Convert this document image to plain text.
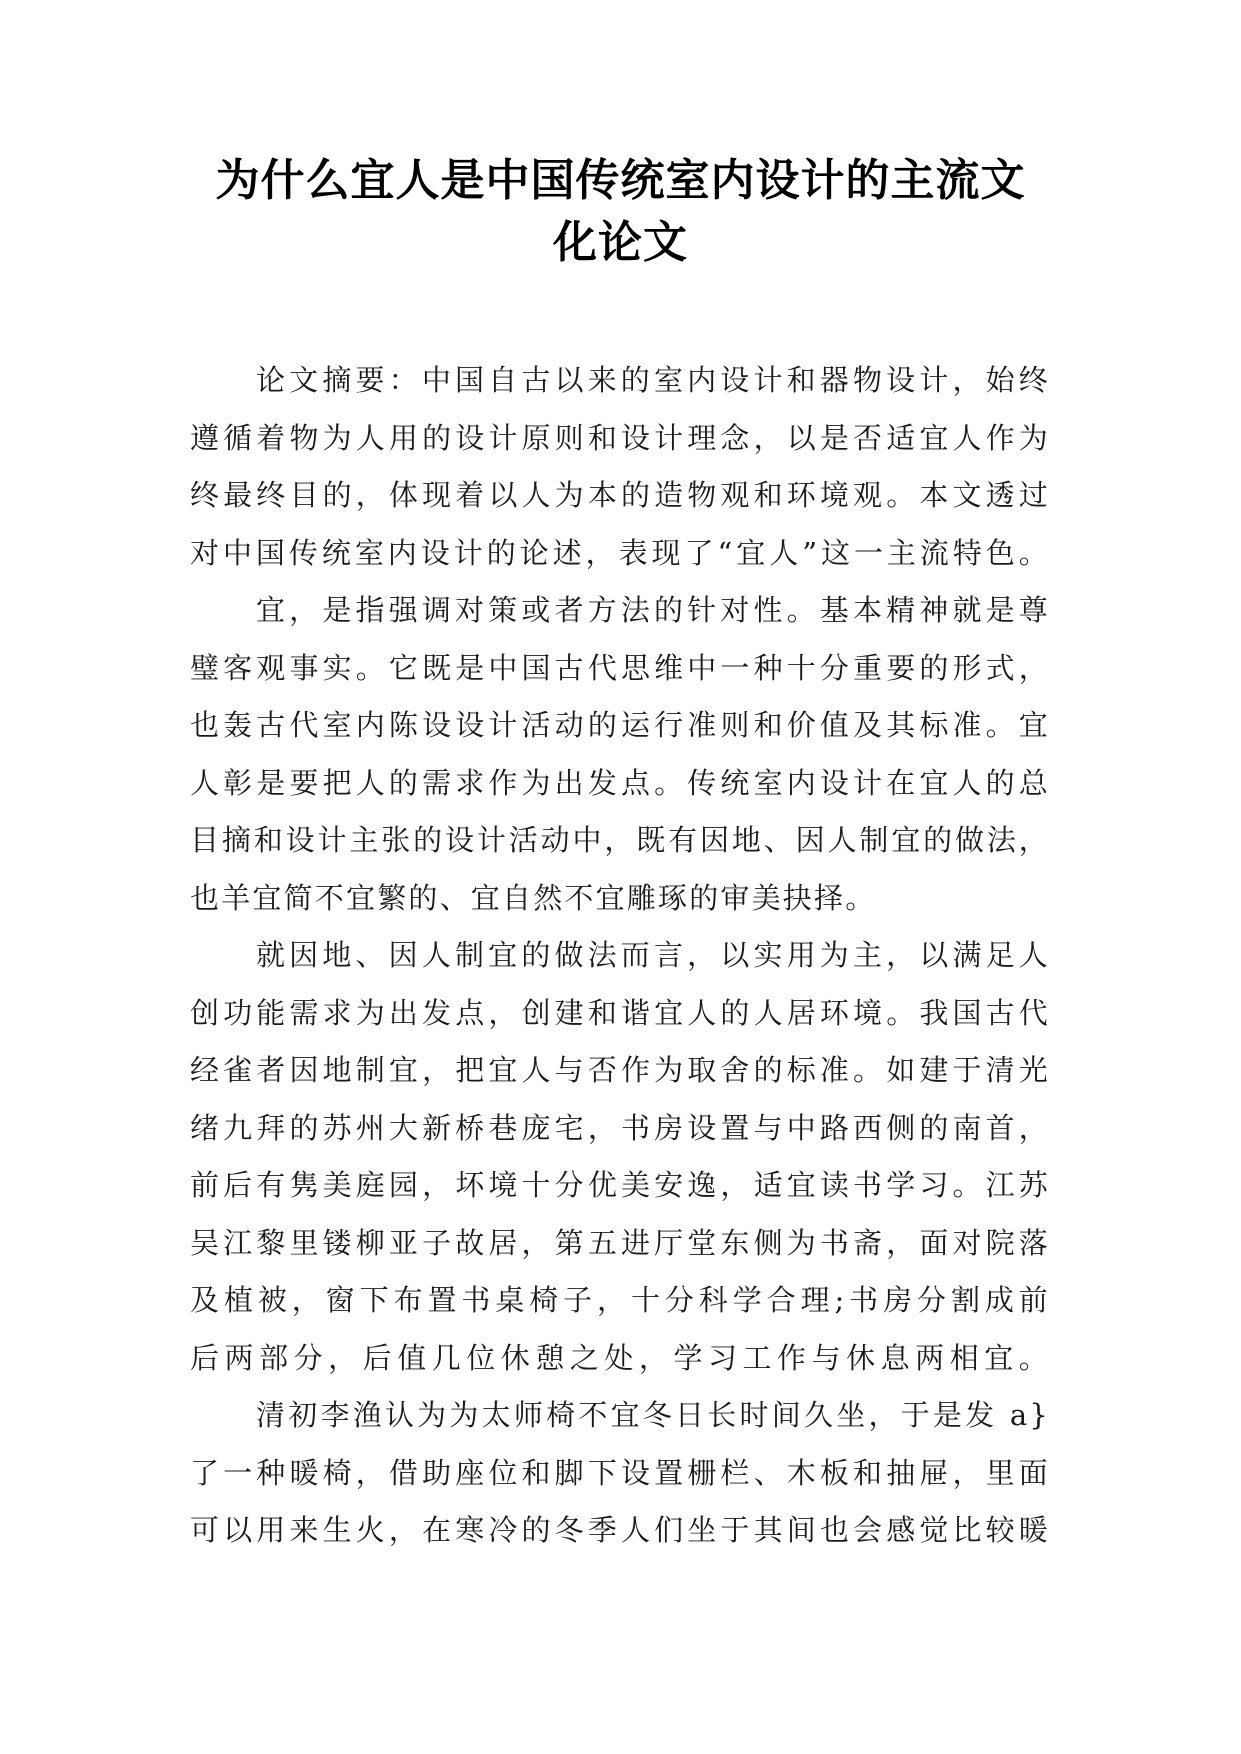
为什么宜人是中国传统室内设计的主流文
化论文
论文摘要：中国自古以来的室内设计和器物设计，始终
遵循着物为人用的设计原则和设计理念，以是否适宜人作为
终最终目的，体现着以人为本的造物观和环境观。本文透过
对中国传统室内设计的论述，表现了“宜人”这一主流特色。
宜，是指强调对策或者方法的针对性。基本精神就是尊
璧客观事实。它既是中国古代思维中一种十分重要的形式，
也轰古代室内陈设设计活动的运行准则和价值及其标准。宜
人彰是要把人的需求作为出发点。传统室内设计在宜人的总
目摘和设计主张的设计活动中，既有因地、因人制宜的做法，
也羊宜简不宜繁的、宜自然不宜雕琢的审美抉择。
就因地、因人制宜的做法而言，以实用为主，以满足人
创功能需求为出发点，创建和谐宜人的人居环境。我国古代
经雀者因地制宜，把宜人与否作为取舍的标准。如建于清光
绪九拜的苏州大新桥巷庞宅，书房设置与中路西侧的南首，
前后有隽美庭园，坏境十分优美安逸，适宜读书学习。江苏
吴江黎里镂柳亚子故居，第五进厅堂东侧为书斋，面对院落
及植被，窗下布置书桌椅子，十分科学合理;书房分割成前
后两部分，后值几位休憩之处，学习工作与休息两相宜。
清初李渔认为为太师椅不宜冬日长时间久坐，于是发 a}
了一种暖椅，借助座位和脚下设置栅栏、木板和抽屉，里面
可以用来生火，在寒冷的冬季人们坐于其间也会感觉比较暖
